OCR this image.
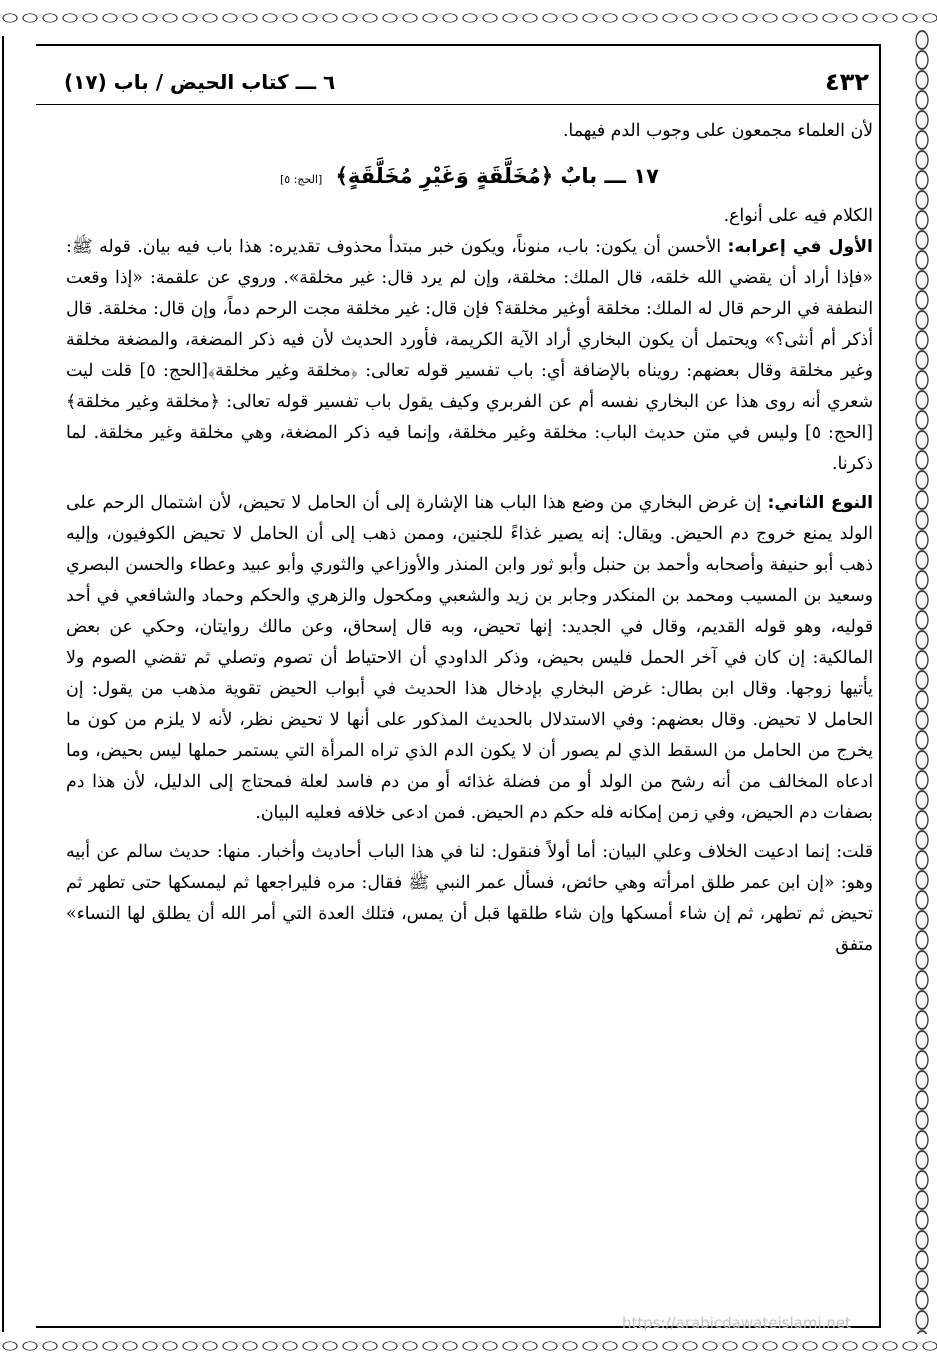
٤٣٢
٦ ـــ كتاب الحيض / باب (١٧)

لأن العلماء مجمعون على وجوب الدم فيهما.

١٧ ـــ بابٌ ﴿مُخَلَّقَةٍ وَغَيْرِ مُخَلَّقَةٍ﴾ [الحج: ٥]

الكلام فيه على أنواع.

الأول في إعرابه: الأحسن أن يكون: باب، منوناً، ويكون خبر مبتدأ محذوف تقديره: هذا باب فيه بيان. قوله ﷺ: «فإذا أراد أن يقضي الله خلقه، قال الملك: مخلقة، وإن لم يرد قال: غير مخلقة». وروي عن علقمة: «إذا وقعت النطفة في الرحم قال له الملك: مخلقة أوغير مخلقة؟ فإن قال: غير مخلقة مجت الرحم دماً، وإن قال: مخلقة. قال أذكر أم أنثى؟» ويحتمل أن يكون البخاري أراد الآية الكريمة، فأورد الحديث لأن فيه ذكر المضغة، والمضغة مخلقة وغير مخلقة وقال بعضهم: رويناه بالإضافة أي: باب تفسير قوله تعالى: ﴿مخلقة وغير مخلقة﴾[الحج: ٥] قلت ليت شعري أنه روى هذا عن البخاري نفسه أم عن الفربري وكيف يقول باب تفسير قوله تعالى: ﴿مخلقة وغير مخلقة﴾ [الحج: ٥] وليس في متن حديث الباب: مخلقة وغير مخلقة، وإنما فيه ذكر المضغة، وهي مخلقة وغير مخلقة. لما ذكرنا.

النوع الثاني: إن غرض البخاري من وضع هذا الباب هنا الإشارة إلى أن الحامل لا تحيض، لأن اشتمال الرحم على الولد يمنع خروج دم الحيض. ويقال: إنه يصير غذاءً للجنين، وممن ذهب إلى أن الحامل لا تحيض الكوفيون، وإليه ذهب أبو حنيفة وأصحابه وأحمد بن حنبل وأبو ثور وابن المنذر والأوزاعي والثوري وأبو عبيد وعطاء والحسن البصري وسعيد بن المسيب ومحمد بن المنكدر وجابر بن زيد والشعبي ومكحول والزهري والحكم وحماد والشافعي في أحد قوليه، وهو قوله القديم، وقال في الجديد: إنها تحيض، وبه قال إسحاق، وعن مالك روايتان، وحكي عن بعض المالكية: إن كان في آخر الحمل فليس بحيض، وذكر الداودي أن الاحتياط أن تصوم وتصلي ثم تقضي الصوم ولا يأتيها زوجها. وقال ابن بطال: غرض البخاري بإدخال هذا الحديث في أبواب الحيض تقوية مذهب من يقول: إن الحامل لا تحيض. وقال بعضهم: وفي الاستدلال بالحديث المذكور على أنها لا تحيض نظر، لأنه لا يلزم من كون ما يخرج من الحامل من السقط الذي لم يصور أن لا يكون الدم الذي تراه المرأة التي يستمر حملها ليس بحيض، وما ادعاه المخالف من أنه رشح من الولد أو من فضلة غذائه أو من دم فاسد لعلة فمحتاج إلى الدليل، لأن هذا دم بصفات دم الحيض، وفي زمن إمكانه فله حكم دم الحيض. فمن ادعى خلافه فعليه البيان.

قلت: إنما ادعيت الخلاف وعلي البيان: أما أولاً فنقول: لنا في هذا الباب أحاديث وأخبار. منها: حديث سالم عن أبيه وهو: «إن ابن عمر طلق امرأته وهي حائض، فسأل عمر النبي ﷺ فقال: مره فليراجعها ثم ليمسكها حتى تطهر ثم تحيض ثم تطهر، ثم إن شاء أمسكها وإن شاء طلقها قبل أن يمس، فتلك العدة التي أمر الله أن يطلق لها النساء» متفق

https://arabicdawateislami.net
